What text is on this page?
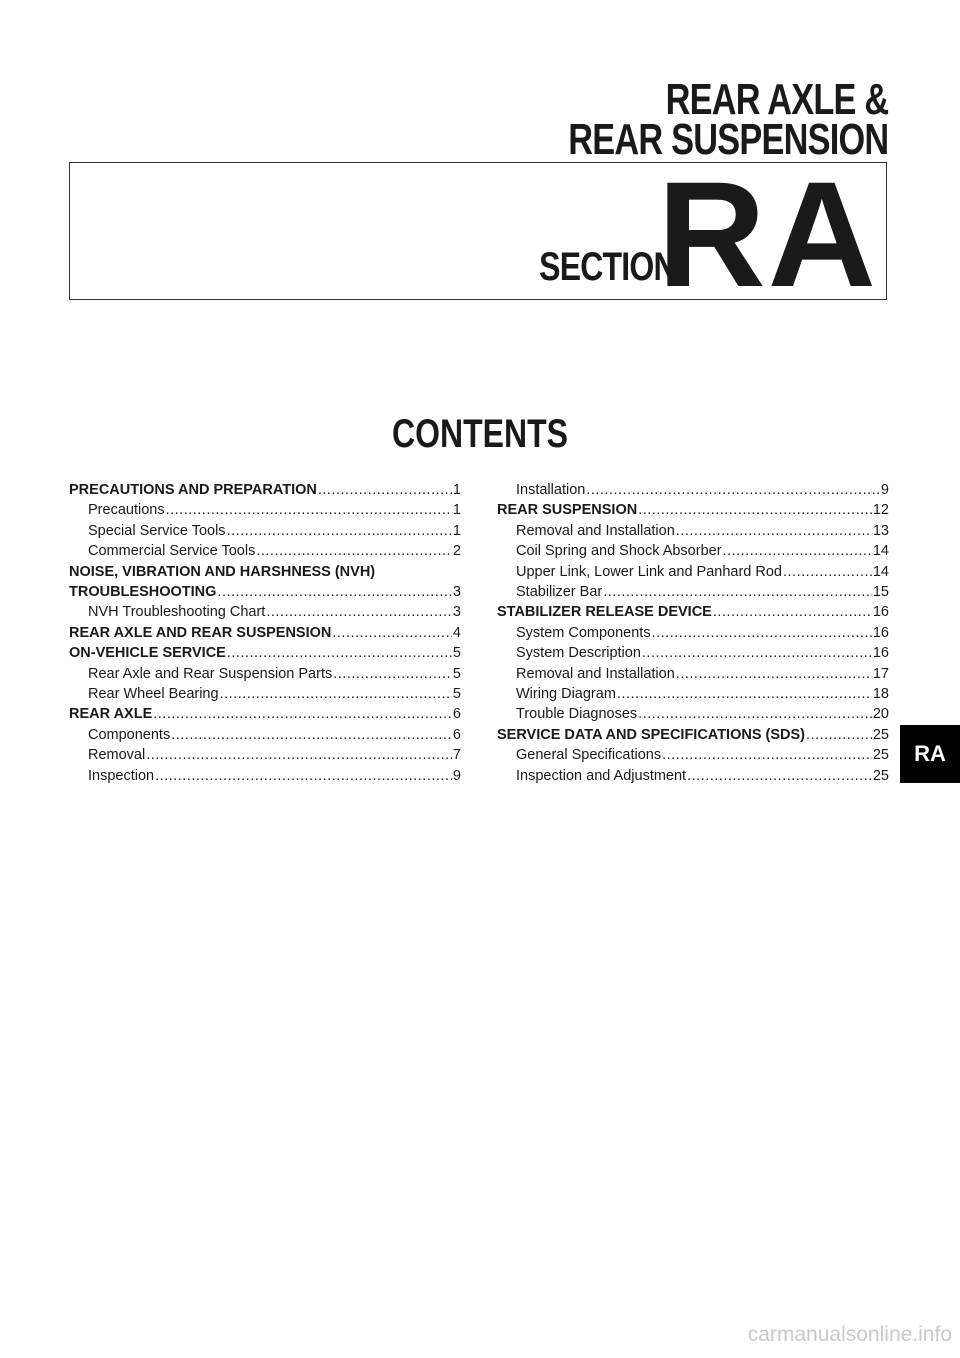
REAR AXLE &
REAR SUSPENSION
SECTION
RA
CONTENTS
PRECAUTIONS AND PREPARATION .....	1
Precautions .....	1
Special Service Tools .....	1
Commercial Service Tools .....	2
NOISE, VIBRATION AND HARSHNESS (NVH)
TROUBLESHOOTING .....	3
NVH Troubleshooting Chart .....	3
REAR AXLE AND REAR SUSPENSION .....	4
ON-VEHICLE SERVICE .....	5
Rear Axle and Rear Suspension Parts .....	5
Rear Wheel Bearing .....	5
REAR AXLE .....	6
Components .....	6
Removal .....	7
Inspection .....	9
Installation .....	9
REAR SUSPENSION .....	12
Removal and Installation .....	13
Coil Spring and Shock Absorber .....	14
Upper Link, Lower Link and Panhard Rod .....	14
Stabilizer Bar .....	15
STABILIZER RELEASE DEVICE .....	16
System Components .....	16
System Description .....	16
Removal and Installation .....	17
Wiring Diagram .....	18
Trouble Diagnoses .....	20
SERVICE DATA AND SPECIFICATIONS (SDS) .....	25
General Specifications .....	25
Inspection and Adjustment .....	25
RA
carmanualsonline.info
